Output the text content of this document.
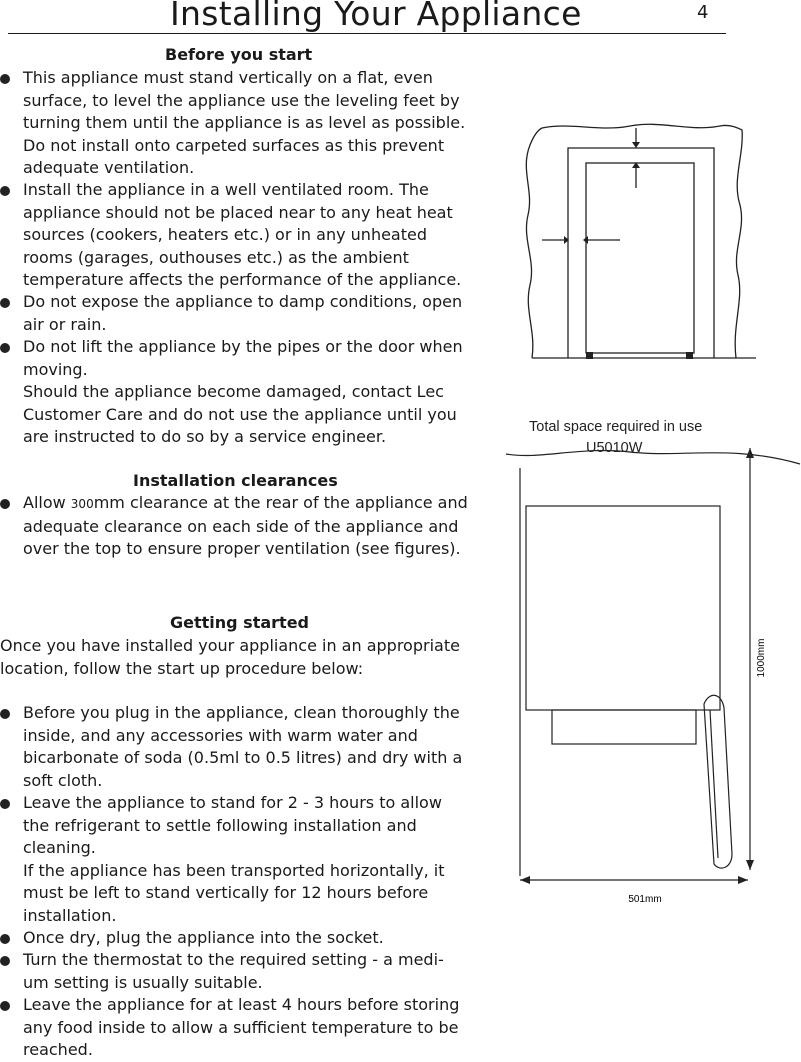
Installing Your Appliance	4
Before you start
This appliance must stand vertically on a flat, even
surface, to level the appliance use the leveling feet by
turning them until the appliance is as level as possible.
Do not install onto carpeted surfaces as this prevent
adequate ventilation.
Install the appliance in a well ventilated room. The
appliance should not be placed near to any heat heat
sources (cookers, heaters etc.) or in any unheated
rooms (garages, outhouses etc.) as the ambient
temperature affects the performance of the appliance.
Do not expose the appliance to damp conditions, open
air or rain.
Do not lift the appliance by the pipes or the door when
moving.
Should the appliance become damaged, contact Lec
Customer Care and do not use the appliance until you
are instructed to do so by a service engineer.
Installation clearances
Allow 300mm clearance at the rear of the appliance and
adequate clearance on each side of the appliance and
over the top to ensure proper ventilation (see figures).
Getting started
Once you have installed your appliance in an appropriate
location, follow the start up procedure below:
Before you plug in the appliance, clean thoroughly the
inside, and any accessories with warm water and
bicarbonate of soda (0.5ml to 0.5 litres) and dry with a
soft cloth.
Leave the appliance to stand for 2 - 3 hours to allow
the refrigerant to settle following installation and
cleaning.
If the appliance has been transported horizontally, it
must be left to stand vertically for 12 hours before
installation.
Once dry, plug the appliance into the socket.
Turn the thermostat to the required setting - a medi-
um setting is usually suitable.
Leave the appliance for at least 4 hours before storing
any food inside to allow a sufficient temperature to be
reached.
Total space required in use
U5010W
1000mm
501mm
